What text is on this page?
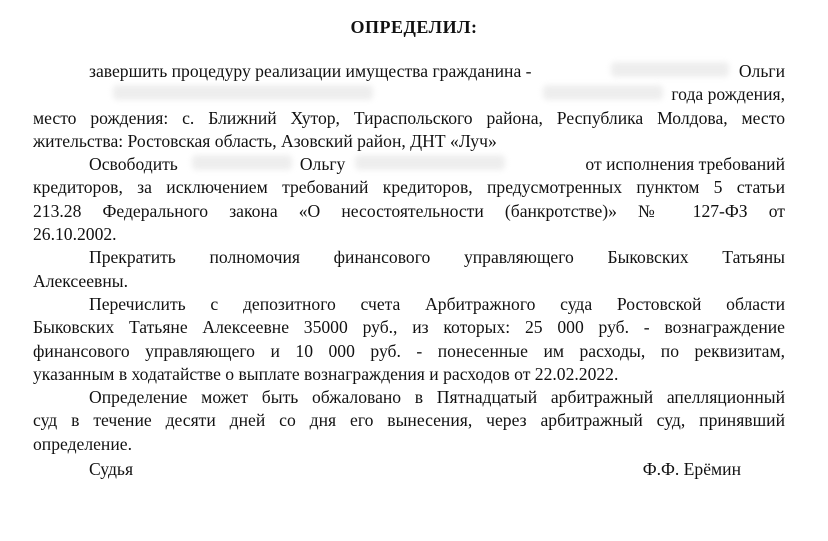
ОПРЕДЕЛИЛ:
завершить процедуру реализации имущества гражданина -	Ольги
года рождения,
место рождения: с. Ближний Хутор, Тираспольского района, Республика Молдова, место
жительства: Ростовская область, Азовский район, ДНТ «Луч»
Освободить	Ольгу	от исполнения требований
кредиторов, за исключением требований кредиторов, предусмотренных пунктом 5 статьи
213.28 Федерального закона «О несостоятельности (банкротстве)» № 127-ФЗ от
26.10.2002.
Прекратить полномочия финансового управляющего Быковских Татьяны
Алексеевны.
Перечислить с депозитного счета Арбитражного суда Ростовской области
Быковских Татьяне Алексеевне 35000 руб., из которых: 25 000 руб. - вознаграждение
финансового управляющего и 10 000 руб. - понесенные им расходы, по реквизитам,
указанным в ходатайстве о выплате вознаграждения и расходов от 22.02.2022.
Определение может быть обжаловано в Пятнадцатый арбитражный апелляционный
суд в течение десяти дней со дня его вынесения, через арбитражный суд, принявший
определение.
Судья	Ф.Ф. Ерёмин
